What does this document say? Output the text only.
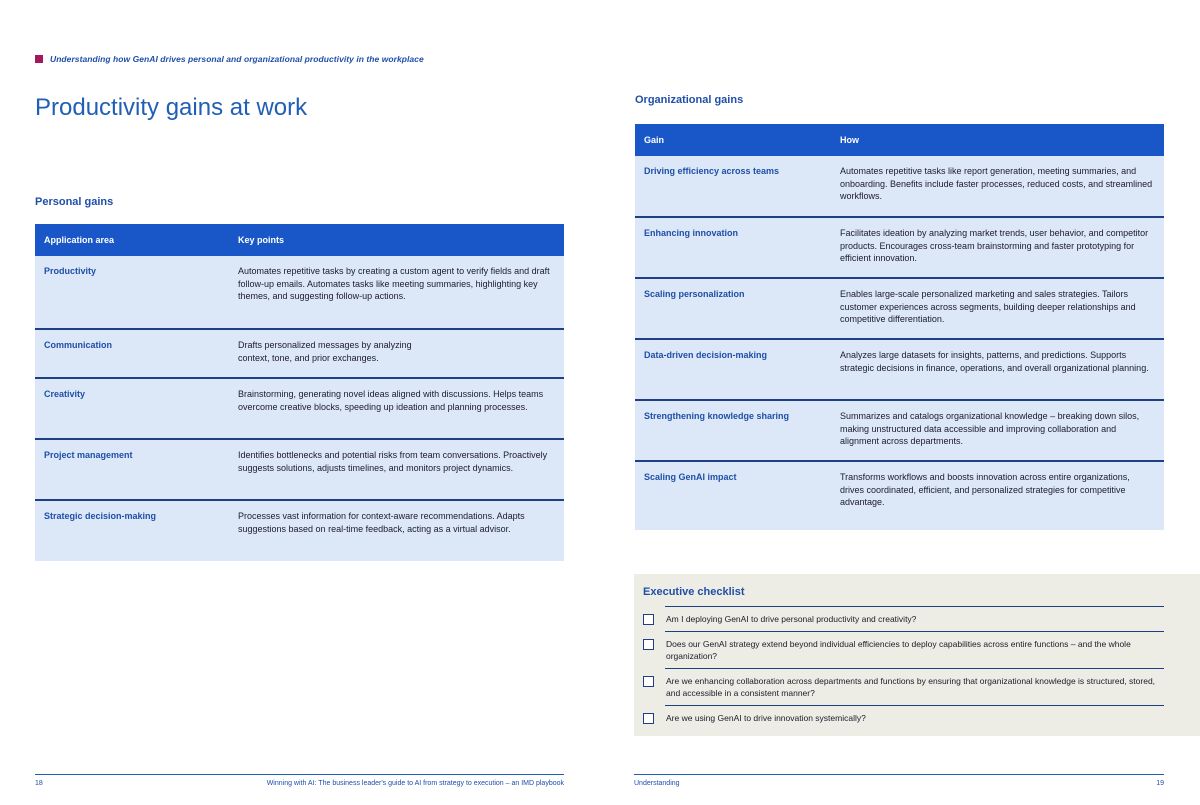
Understanding how GenAI drives personal and organizational productivity in the workplace
Productivity gains at work
Personal gains
Application area	Key points
Productivity	Automates repetitive tasks by creating a custom agent to verify fields and draft follow-up emails. Automates tasks like meeting summaries, highlighting key themes, and suggesting follow-up actions.
Communication	Drafts personalized messages by analyzing context, tone, and prior exchanges.
Creativity	Brainstorming, generating novel ideas aligned with discussions. Helps teams overcome creative blocks, speeding up ideation and planning processes.
Project management	Identifies bottlenecks and potential risks from team conversations. Proactively suggests solutions, adjusts timelines, and monitors project dynamics.
Strategic decision-making	Processes vast information for context-aware recommendations. Adapts suggestions based on real-time feedback, acting as a virtual advisor.
18	Winning with AI: The business leader's guide to AI from strategy to execution – an IMD playbook
Organizational gains
Gain	How
Driving efficiency across teams	Automates repetitive tasks like report generation, meeting summaries, and onboarding. Benefits include faster processes, reduced costs, and streamlined workflows.
Enhancing innovation	Facilitates ideation by analyzing market trends, user behavior, and competitor products. Encourages cross-team brainstorming and faster prototyping for efficient innovation.
Scaling personalization	Enables large-scale personalized marketing and sales strategies. Tailors customer experiences across segments, building deeper relationships and competitive differentiation.
Data-driven decision-making	Analyzes large datasets for insights, patterns, and predictions. Supports strategic decisions in finance, operations, and overall organizational planning.
Strengthening knowledge sharing	Summarizes and catalogs organizational knowledge – breaking down silos, making unstructured data accessible and improving collaboration and alignment across departments.
Scaling GenAI impact	Transforms workflows and boosts innovation across entire organizations, drives coordinated, efficient, and personalized strategies for competitive advantage.
Executive checklist
Am I deploying GenAI to drive personal productivity and creativity?
Does our GenAI strategy extend beyond individual efficiencies to deploy capabilities across entire functions – and the whole organization?
Are we enhancing collaboration across departments and functions by ensuring that organizational knowledge is structured, stored, and accessible in a consistent manner?
Are we using GenAI to drive innovation systemically?
Understanding	19
